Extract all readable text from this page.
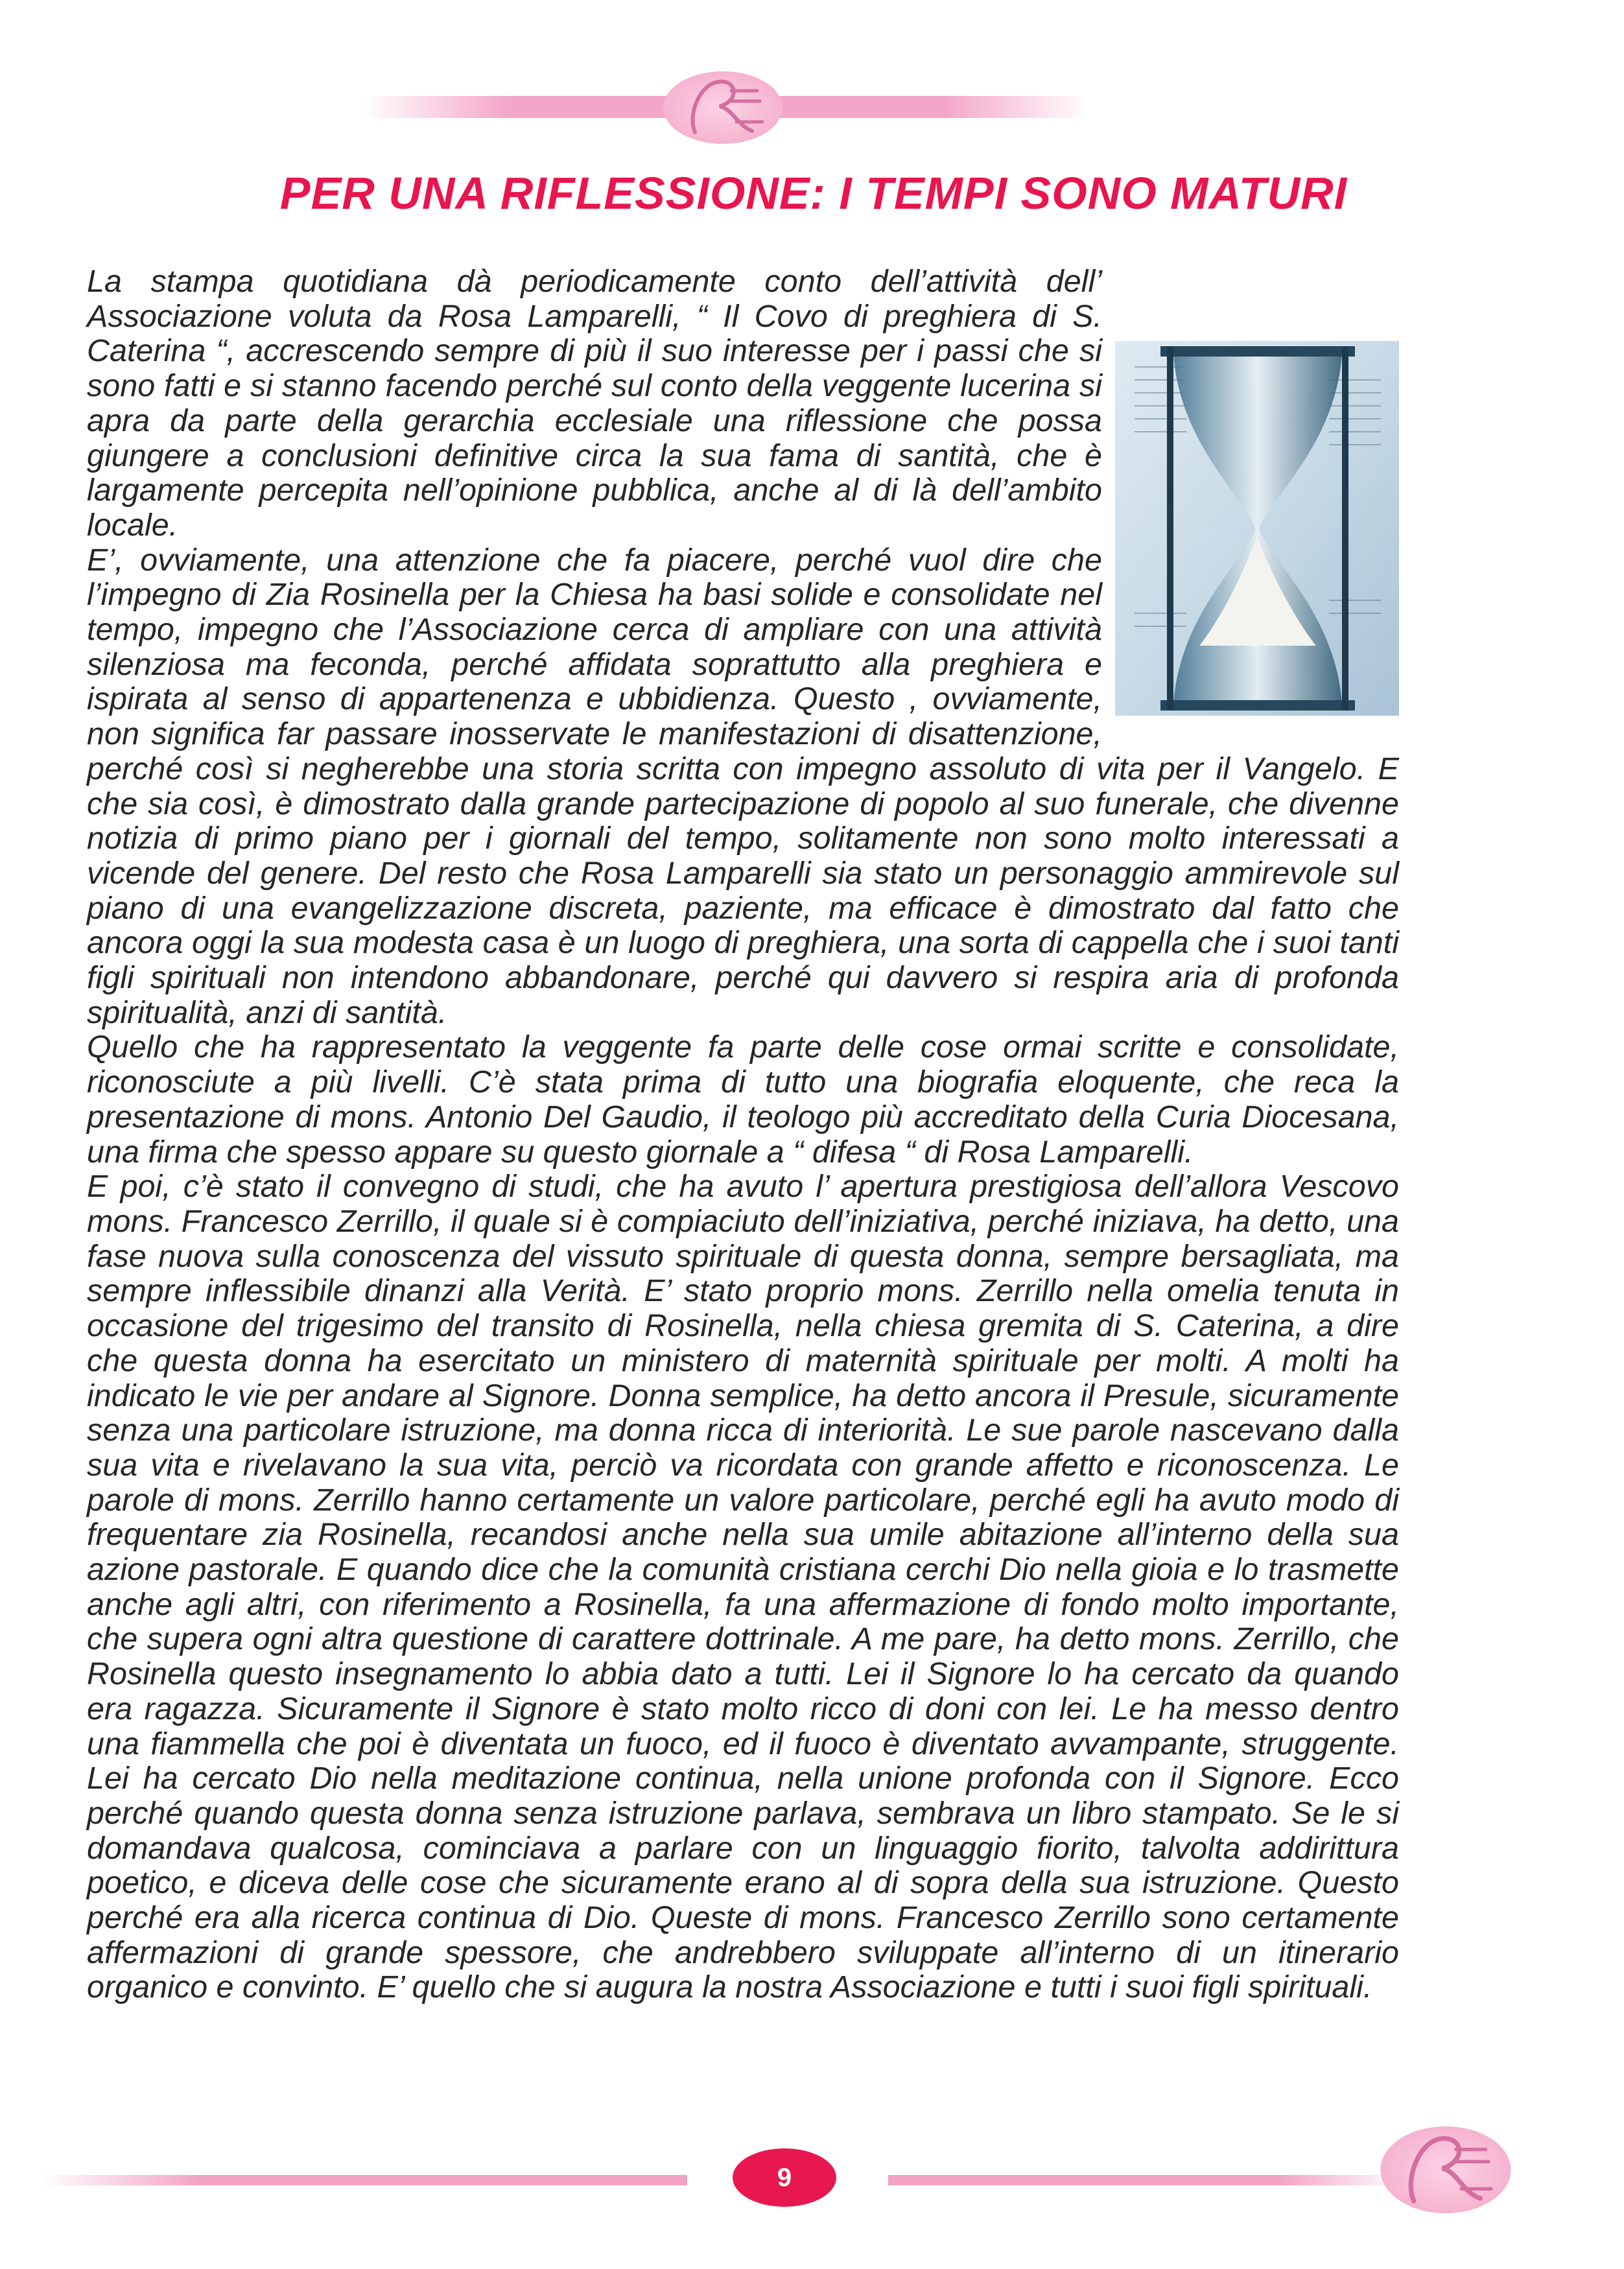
PER UNA RIFLESSIONE: I TEMPI SONO MATURI

La stampa quotidiana dà periodicamente conto dell’attività dell’ Associazione voluta da Rosa Lamparelli, “ Il Covo di preghiera di S. Caterina “, accrescendo sempre di più il suo interesse per i passi che si sono fatti e si stanno facendo perché sul conto della veggente lucerina si apra da parte della gerarchia ecclesiale una riflessione che possa giungere a conclusioni definitive circa la sua fama di santità, che è largamente percepita nell’opinione pubblica, anche al di là dell’ambito locale.

E’, ovviamente, una attenzione che fa piacere, perché vuol dire che l’impegno di Zia Rosinella per la Chiesa ha basi solide e consolidate nel tempo, impegno che l’Associazione cerca di ampliare con una attività silenziosa ma feconda, perché affidata soprattutto alla preghiera e ispirata al senso di appartenenza e ubbidienza. Questo , ovviamente, non significa far passare inosservate le manifestazioni di disattenzione, perché così si negherebbe una storia scritta con impegno assoluto di vita per il Vangelo. E che sia così, è dimostrato dalla grande partecipazione di popolo al suo funerale, che divenne notizia di primo piano per i giornali del tempo, solitamente non sono molto interessati a vicende del genere. Del resto che Rosa Lamparelli sia stato un personaggio ammirevole sul piano di una evangelizzazione discreta, paziente, ma efficace è dimostrato dal fatto che ancora oggi la sua modesta casa è un luogo di preghiera, una sorta di cappella che i suoi tanti figli spirituali non intendono abbandonare, perché qui davvero si respira aria di profonda spiritualità, anzi di santità.

Quello che ha rappresentato la veggente fa parte delle cose ormai scritte e consolidate, riconosciute a più livelli. C’è stata prima di tutto una biografia eloquente, che reca la presentazione di mons. Antonio Del Gaudio, il teologo più accreditato della Curia Diocesana, una firma che spesso appare su questo giornale a “ difesa “ di Rosa Lamparelli.

E poi, c’è stato il convegno di studi, che ha avuto l’ apertura prestigiosa dell’allora Vescovo mons. Francesco Zerrillo, il quale si è compiaciuto dell’iniziativa, perché iniziava, ha detto, una fase nuova sulla conoscenza del vissuto spirituale di questa donna, sempre bersagliata, ma sempre inflessibile dinanzi alla Verità. E’ stato proprio mons. Zerrillo nella omelia tenuta in occasione del trigesimo del transito di Rosinella, nella chiesa gremita di S. Caterina, a dire che questa donna ha esercitato un ministero di maternità spirituale per molti. A molti ha indicato le vie per andare al Signore. Donna semplice, ha detto ancora il Presule, sicuramente senza una particolare istruzione, ma donna ricca di interiorità. Le sue parole nascevano dalla sua vita e rivelavano la sua vita, perciò va ricordata con grande affetto e riconoscenza. Le parole di mons. Zerrillo hanno certamente un valore particolare, perché egli ha avuto modo di frequentare zia Rosinella, recandosi anche nella sua umile abitazione all’interno della sua azione pastorale. E quando dice che la comunità cristiana cerchi Dio nella gioia e lo trasmette anche agli altri, con riferimento a Rosinella, fa una affermazione di fondo molto importante, che supera ogni altra questione di carattere dottrinale. A me pare, ha detto mons. Zerrillo, che Rosinella questo insegnamento lo abbia dato a tutti. Lei il Signore lo ha cercato da quando era ragazza. Sicuramente il Signore è stato molto ricco di doni con lei. Le ha messo dentro una fiammella che poi è diventata un fuoco, ed il fuoco è diventato avvampante, struggente. Lei ha cercato Dio nella meditazione continua, nella unione profonda con il Signore. Ecco perché quando questa donna senza istruzione parlava, sembrava un libro stampato. Se le si domandava qualcosa, cominciava a parlare con un linguaggio fiorito, talvolta addirittura poetico, e diceva delle cose che sicuramente erano al di sopra della sua istruzione. Questo perché era alla ricerca continua di Dio. Queste di mons. Francesco Zerrillo sono certamente affermazioni di grande spessore, che andrebbero sviluppate all’interno di un itinerario organico e convinto. E’ quello che si augura la nostra Associazione e tutti i suoi figli spirituali.

9
